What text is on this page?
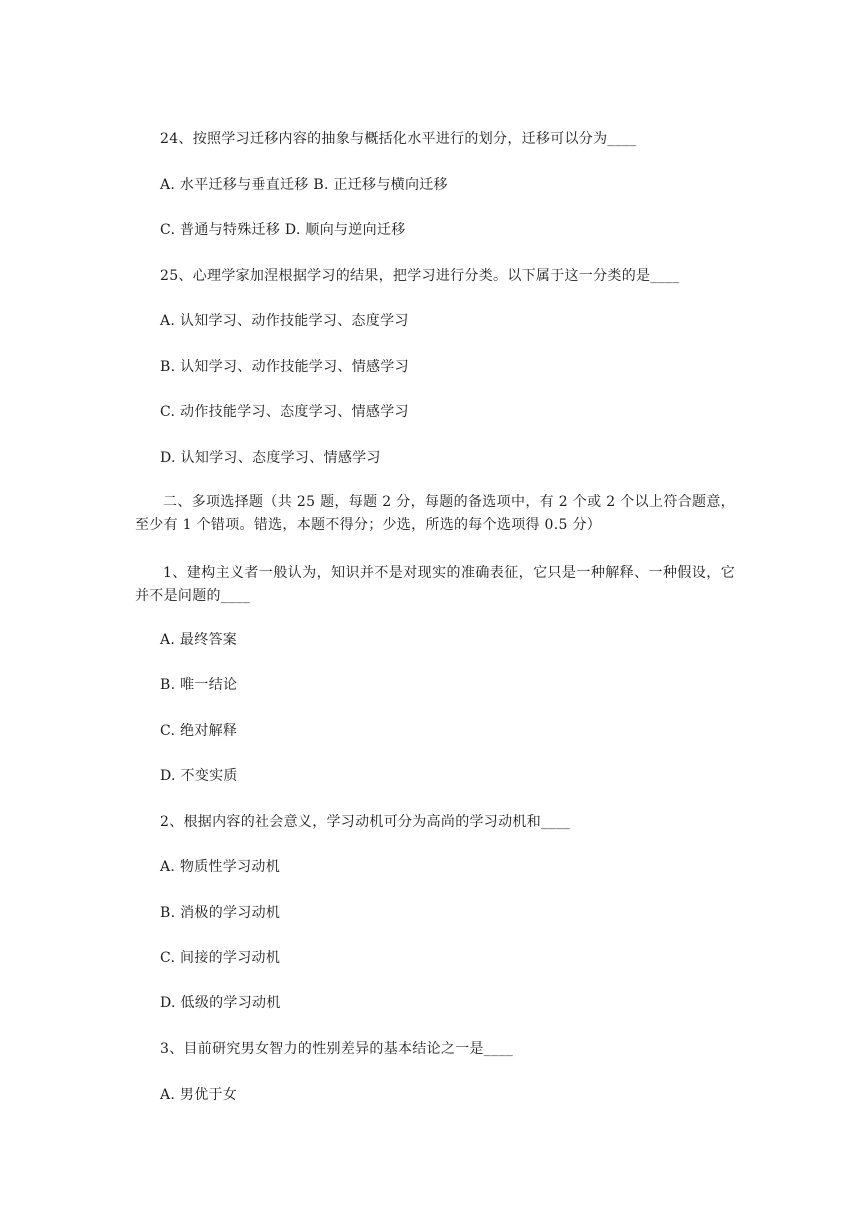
24、按照学习迁移内容的抽象与概括化水平进行的划分，迁移可以分为____
A. 水平迁移与垂直迁移 B. 正迁移与横向迁移
C. 普通与特殊迁移 D. 顺向与逆向迁移
25、心理学家加涅根据学习的结果，把学习进行分类。以下属于这一分类的是____
A. 认知学习、动作技能学习、态度学习
B. 认知学习、动作技能学习、情感学习
C. 动作技能学习、态度学习、情感学习
D. 认知学习、态度学习、情感学习
二、多项选择题（共 25 题，每题 2 分，每题的备选项中，有 2 个或 2 个以上符合题意，至少有 1 个错项。错选，本题不得分；少选，所选的每个选项得 0.5 分）
1、建构主义者一般认为，知识并不是对现实的准确表征，它只是一种解释、一种假设，它并不是问题的____
A. 最终答案
B. 唯一结论
C. 绝对解释
D. 不变实质
2、根据内容的社会意义，学习动机可分为高尚的学习动机和____
A. 物质性学习动机
B. 消极的学习动机
C. 间接的学习动机
D. 低级的学习动机
3、目前研究男女智力的性别差异的基本结论之一是____
A. 男优于女
